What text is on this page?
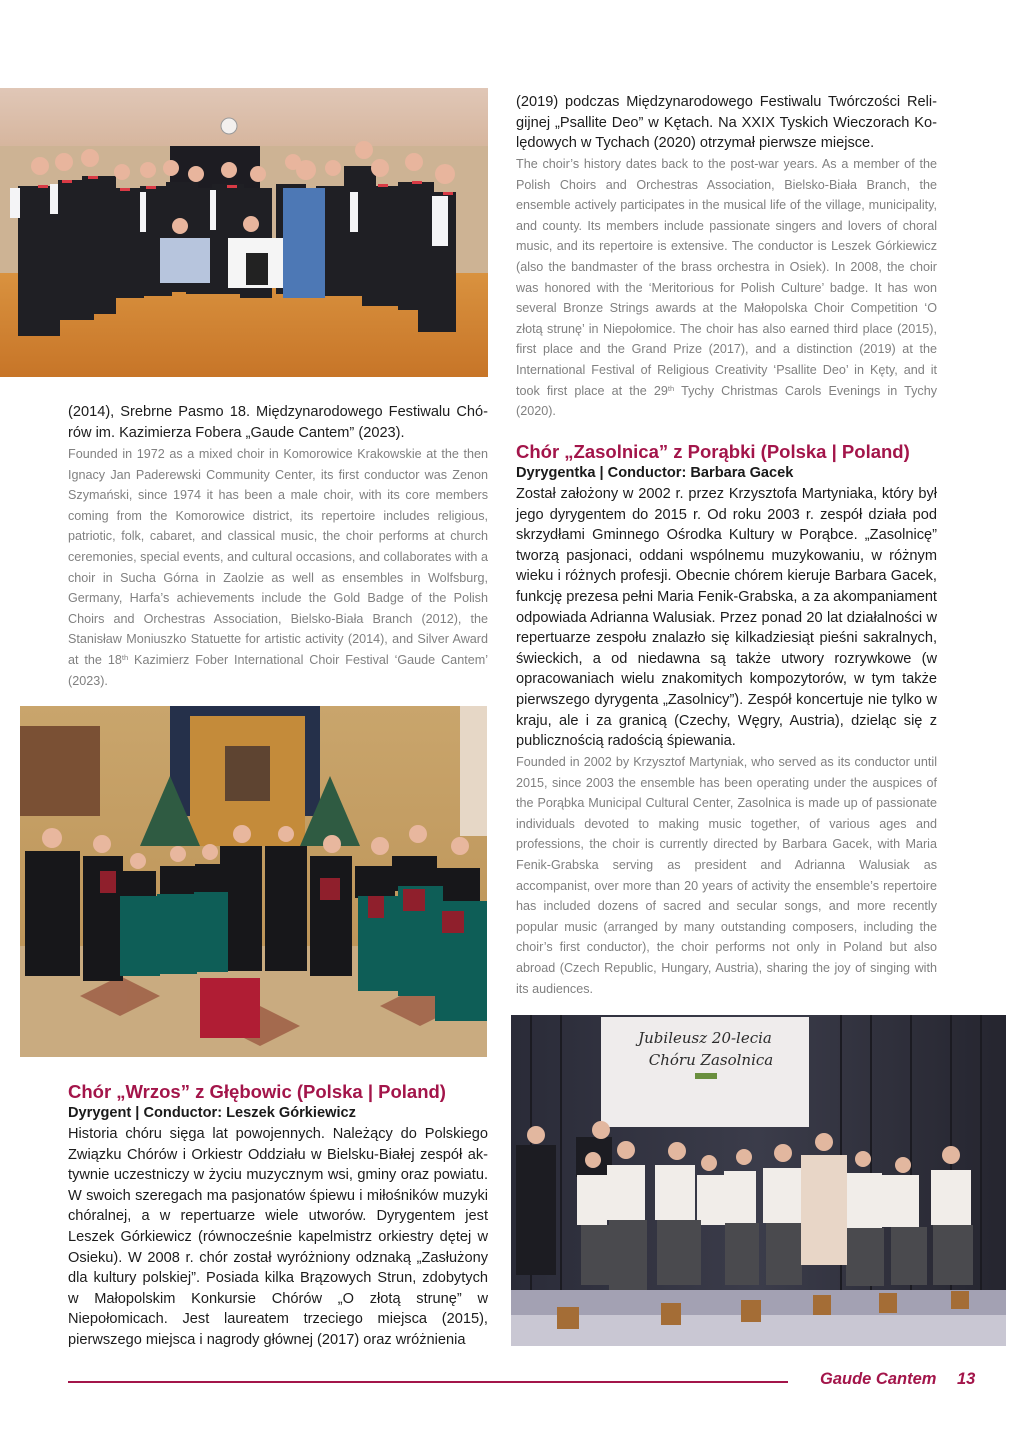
(2014), Srebrne Pasmo 18. Międzynarodowego Festiwalu Chórów im. Kazimierza Fobera „Gaude Cantem” (2023).

Founded in 1972 as a mixed choir in Komorowice Krakowskie at the then Ignacy Jan Paderewski Community Center, its first conductor was Zenon Szymański, since 1974 it has been a male choir, with its core members coming from the Komorowice district, its repertoire includes religious, patriotic, folk, cabaret, and classical music, the choir performs at church ceremonies, special events, and cultural occasions, and collaborates with a choir in Sucha Górna in Zaolzie as well as ensembles in Wolfsburg, Germany, Harfa’s achievements include the Gold Badge of the Polish Choirs and Orchestras Association, Bielsko-Biała Branch (2012), the Stanisław Moniuszko Statuette for artistic activity (2014), and Silver Award at the 18th Kazimierz Fober International Choir Festival ‘Gaude Cantem’ (2023).

Chór „Wrzos” z Głębowic (Polska | Poland)

Dyrygent | Conductor: Leszek Górkiewicz

Historia chóru sięga lat powojennych. Należący do Polskiego Związku Chórów i Orkiestr Oddziału w Bielsku-Białej zespół aktywnie uczestniczy w życiu muzycznym wsi, gminy oraz powiatu. W swoich szeregach ma pasjonatów śpiewu i miłośników muzyki chóralnej, a w repertuarze wiele utworów. Dyrygentem jest Leszek Górkiewicz (równocześnie kapelmistrz orkiestry dętej w Osieku). W 2008 r. chór został wyróżniony odznaką „Zasłużony dla kultury polskiej”. Posiada kilka Brązowych Strun, zdobytych w Małopolskim Konkursie Chórów „O złotą strunę” w Niepołomicach. Jest laureatem trzeciego miejsca (2015), pierwszego miejsca i nagrody głównej (2017) oraz wróżnienia

(2019) podczas Międzynarodowego Festiwalu Twórczości Religijnej „Psallite Deo” w Kętach. Na XXIX Tyskich Wieczorach Kolędowych w Tychach (2020) otrzymał pierwsze miejsce.

The choir’s history dates back to the post-war years. As a member of the Polish Choirs and Orchestras Association, Bielsko-Biała Branch, the ensemble actively participates in the musical life of the village, municipality, and county. Its members include passionate singers and lovers of choral music, and its repertoire is extensive. The conductor is Leszek Górkiewicz (also the bandmaster of the brass orchestra in Osiek). In 2008, the choir was honored with the ‘Meritorious for Polish Culture’ badge. It has won several Bronze Strings awards at the Małopolska Choir Competition ‘O złotą strunę’ in Niepołomice. The choir has also earned third place (2015), first place and the Grand Prize (2017), and a distinction (2019) at the International Festival of Religious Creativity ‘Psallite Deo’ in Kęty, and it took first place at the 29th Tychy Christmas Carols Evenings in Tychy (2020).

Chór „Zasolnica” z Porąbki (Polska | Poland)

Dyrygentka | Conductor: Barbara Gacek

Został założony w 2002 r. przez Krzysztofa Martyniaka, który był jego dyrygentem do 2015 r. Od roku 2003 r. zespół działa pod skrzydłami Gminnego Ośrodka Kultury w Porąbce. „Zasolnicę” tworzą pasjonaci, oddani wspólnemu muzykowaniu, w różnym wieku i różnych profesji. Obecnie chórem kieruje Barbara Gacek, funkcję prezesa pełni Maria Fenik-Grabska, a za akompaniament odpowiada Adrianna Walusiak. Przez ponad 20 lat działalności w repertuarze zespołu znalazło się kilkadziesiąt pieśni sakralnych, świeckich, a od niedawna są także utwory rozrywkowe (w opracowaniach wielu znakomitych kompozytorów, w tym także pierwszego dyrygenta „Zasolnicy”). Zespół koncertuje nie tylko w kraju, ale i za granicą (Czechy, Węgry, Austria), dzieląc się z publicznością radością śpiewania.

Founded in 2002 by Krzysztof Martyniak, who served as its conductor until 2015, since 2003 the ensemble has been operating under the auspices of the Porąbka Municipal Cultural Center, Zasolnica is made up of passionate individuals devoted to making music together, of various ages and professions, the choir is currently directed by Barbara Gacek, with Maria Fenik-Grabska serving as president and Adrianna Walusiak as accompanist, over more than 20 years of activity the ensemble’s repertoire has included dozens of sacred and secular songs, and more recently popular music (arranged by many outstanding composers, including the choir’s first conductor), the choir performs not only in Poland but also abroad (Czech Republic, Hungary, Austria), sharing the joy of singing with its audiences.

Jubileusz 20-lecia
Chóru Zasolnica
Gaude Cantem 13
